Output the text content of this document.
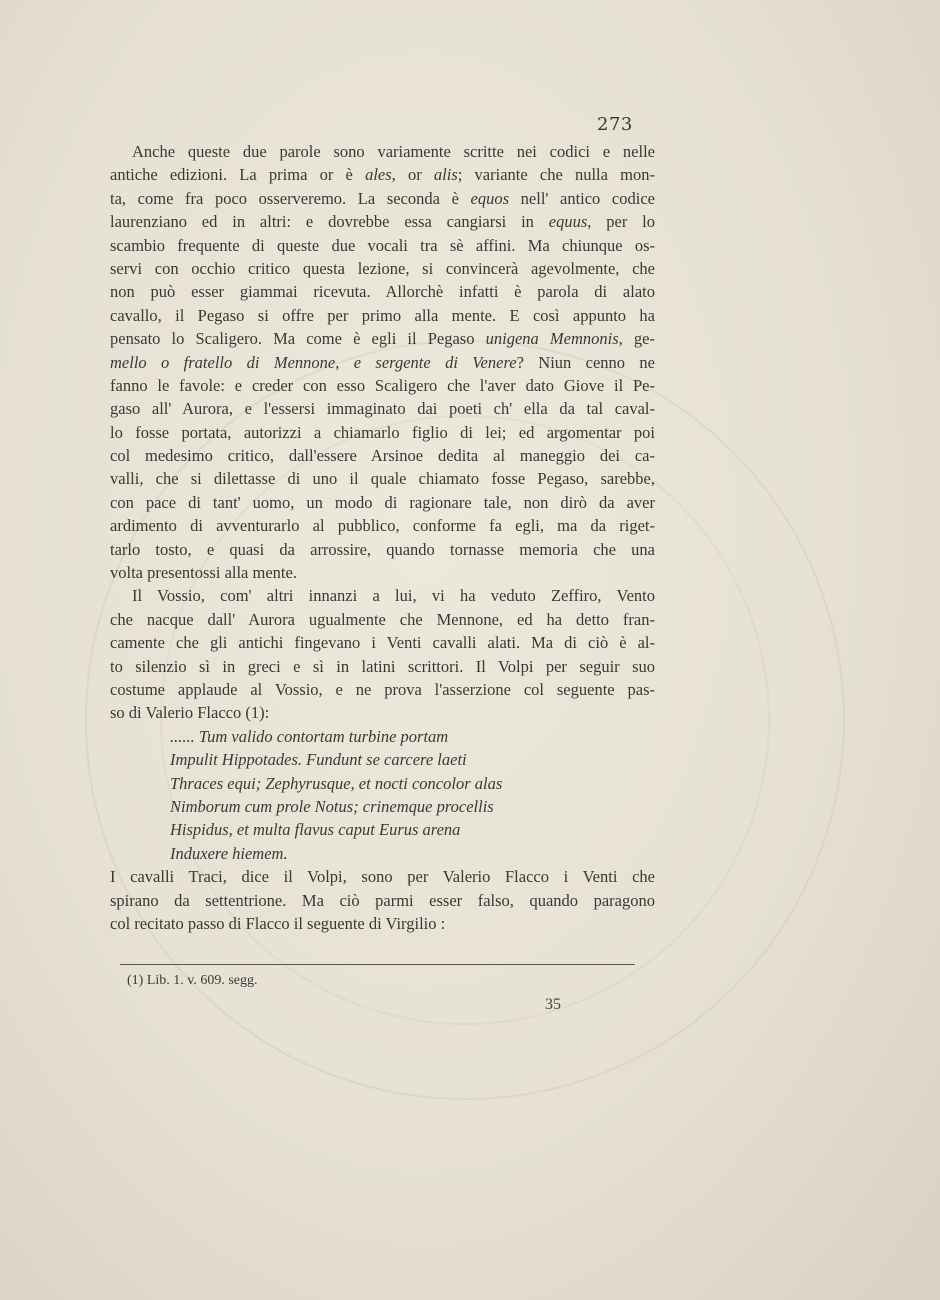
273
Anche queste due parole sono variamente scritte nei codici e nelle
antiche edizioni. La prima or è ales, or alis; variante che nulla mon-
ta, come fra poco osserveremo. La seconda è equos nell' antico codice
laurenziano ed in altri: e dovrebbe essa cangiarsi in equus, per lo
scambio frequente di queste due vocali tra sè affini. Ma chiunque os-
servi con occhio critico questa lezione, si convincerà agevolmente, che
non può esser giammai ricevuta. Allorchè infatti è parola di alato
cavallo, il Pegaso si offre per primo alla mente. E così appunto ha
pensato lo Scaligero. Ma come è egli il Pegaso unigena Memnonis, ge-
mello o fratello di Mennone, e sergente di Venere? Niun cenno ne
fanno le favole: e creder con esso Scaligero che l'aver dato Giove il Pe-
gaso all' Aurora, e l'essersi immaginato dai poeti ch' ella da tal caval-
lo fosse portata, autorizzi a chiamarlo figlio di lei; ed argomentar poi
col medesimo critico, dall'essere Arsinoe dedita al maneggio dei ca-
valli, che si dilettasse di uno il quale chiamato fosse Pegaso, sarebbe,
con pace di tant' uomo, un modo di ragionare tale, non dirò da aver
ardimento di avventurarlo al pubblico, conforme fa egli, ma da riget-
tarlo tosto, e quasi da arrossire, quando tornasse memoria che una
volta presentossi alla mente.
Il Vossio, com' altri innanzi a lui, vi ha veduto Zeffiro, Vento
che nacque dall' Aurora ugualmente che Mennone, ed ha detto fran-
camente che gli antichi fingevano i Venti cavalli alati. Ma di ciò è al-
to silenzio sì in greci e sì in latini scrittori. Il Volpi per seguir suo
costume applaude al Vossio, e ne prova l'asserzione col seguente pas-
so di Valerio Flacco (1):
...... Tum valido contortam turbine portam
Impulit Hippotades. Fundunt se carcere laeti
Thraces equi; Zephyrusque, et nocti concolor alas
Nimborum cum prole Notus; crinemque procellis
Hispidus, et multa flavus caput Eurus arena
Induxere hiemem.
I cavalli Traci, dice il Volpi, sono per Valerio Flacco i Venti che
spirano da settentrione. Ma ciò parmi esser falso, quando paragono
col recitato passo di Flacco il seguente di Virgilio :
(1) Lib. 1. v. 609. segg.
35
